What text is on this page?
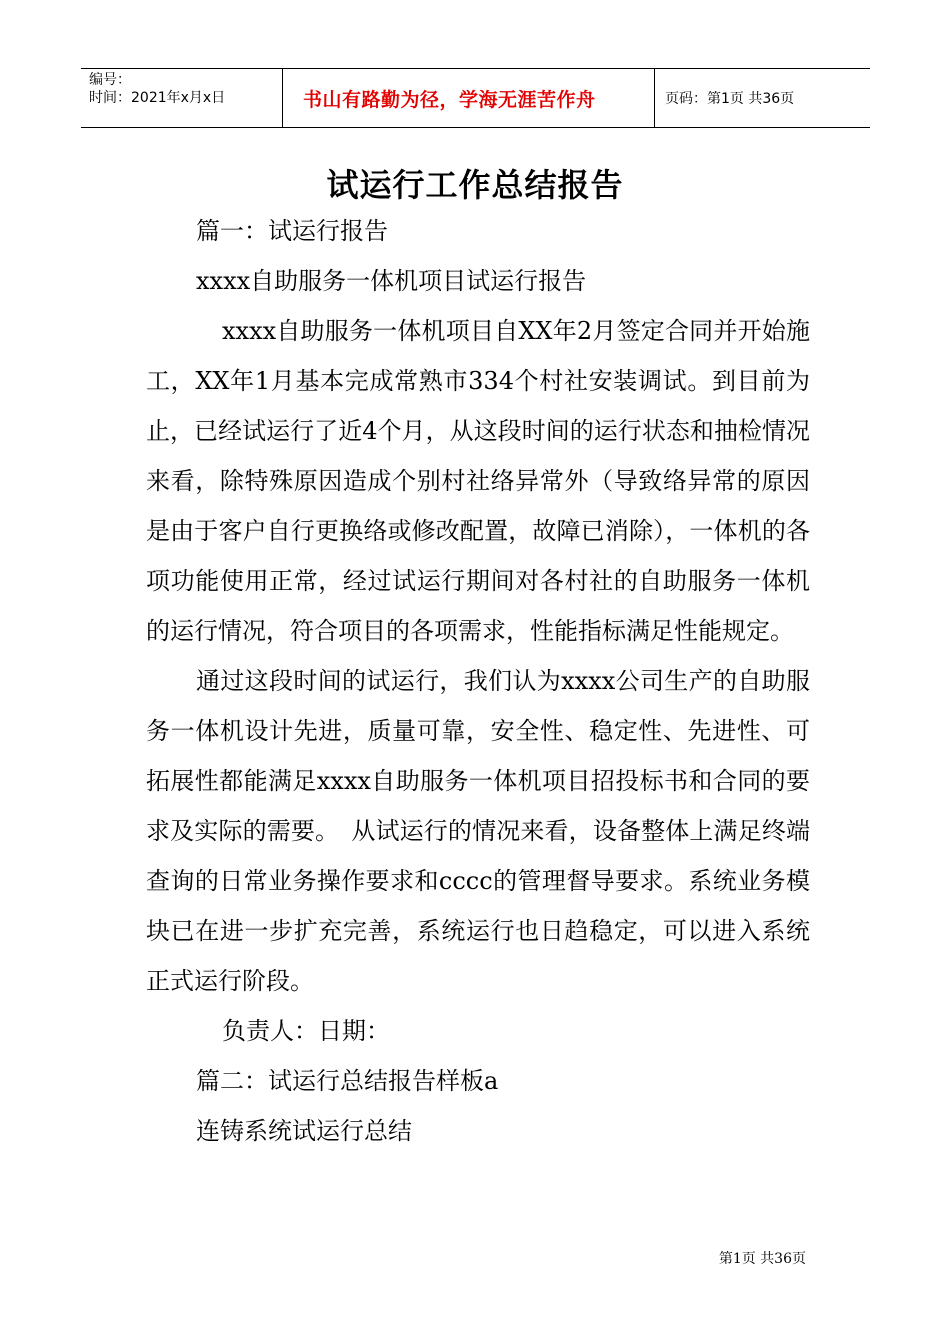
编号：
时间：2021年x月x日	书山有路勤为径，学海无涯苦作舟	页码：第1页 共36页
试运行工作总结报告

篇一：试运行报告

xxxx自助服务一体机项目试运行报告

xxxx自助服务一体机项目自XX年2月签定合同并开始施工，XX年1月基本完成常熟市334个村社安装调试。到目前为止，已经试运行了近4个月，从这段时间的运行状态和抽检情况来看，除特殊原因造成个别村社络异常外（导致络异常的原因是由于客户自行更换络或修改配置，故障已消除），一体机的各项功能使用正常，经过试运行期间对各村社的自助服务一体机的运行情况，符合项目的各项需求，性能指标满足性能规定。

通过这段时间的试运行，我们认为xxxx公司生产的自助服务一体机设计先进，质量可靠，安全性、稳定性、先进性、可拓展性都能满足xxxx自助服务一体机项目招投标书和合同的要求及实际的需要。　从试运行的情况来看，设备整体上满足终端查询的日常业务操作要求和cccc的管理督导要求。系统业务模块已在进一步扩充完善，系统运行也日趋稳定，可以进入系统正式运行阶段。

负责人：日期：

篇二：试运行总结报告样板a

连铸系统试运行总结

第1页 共36页
